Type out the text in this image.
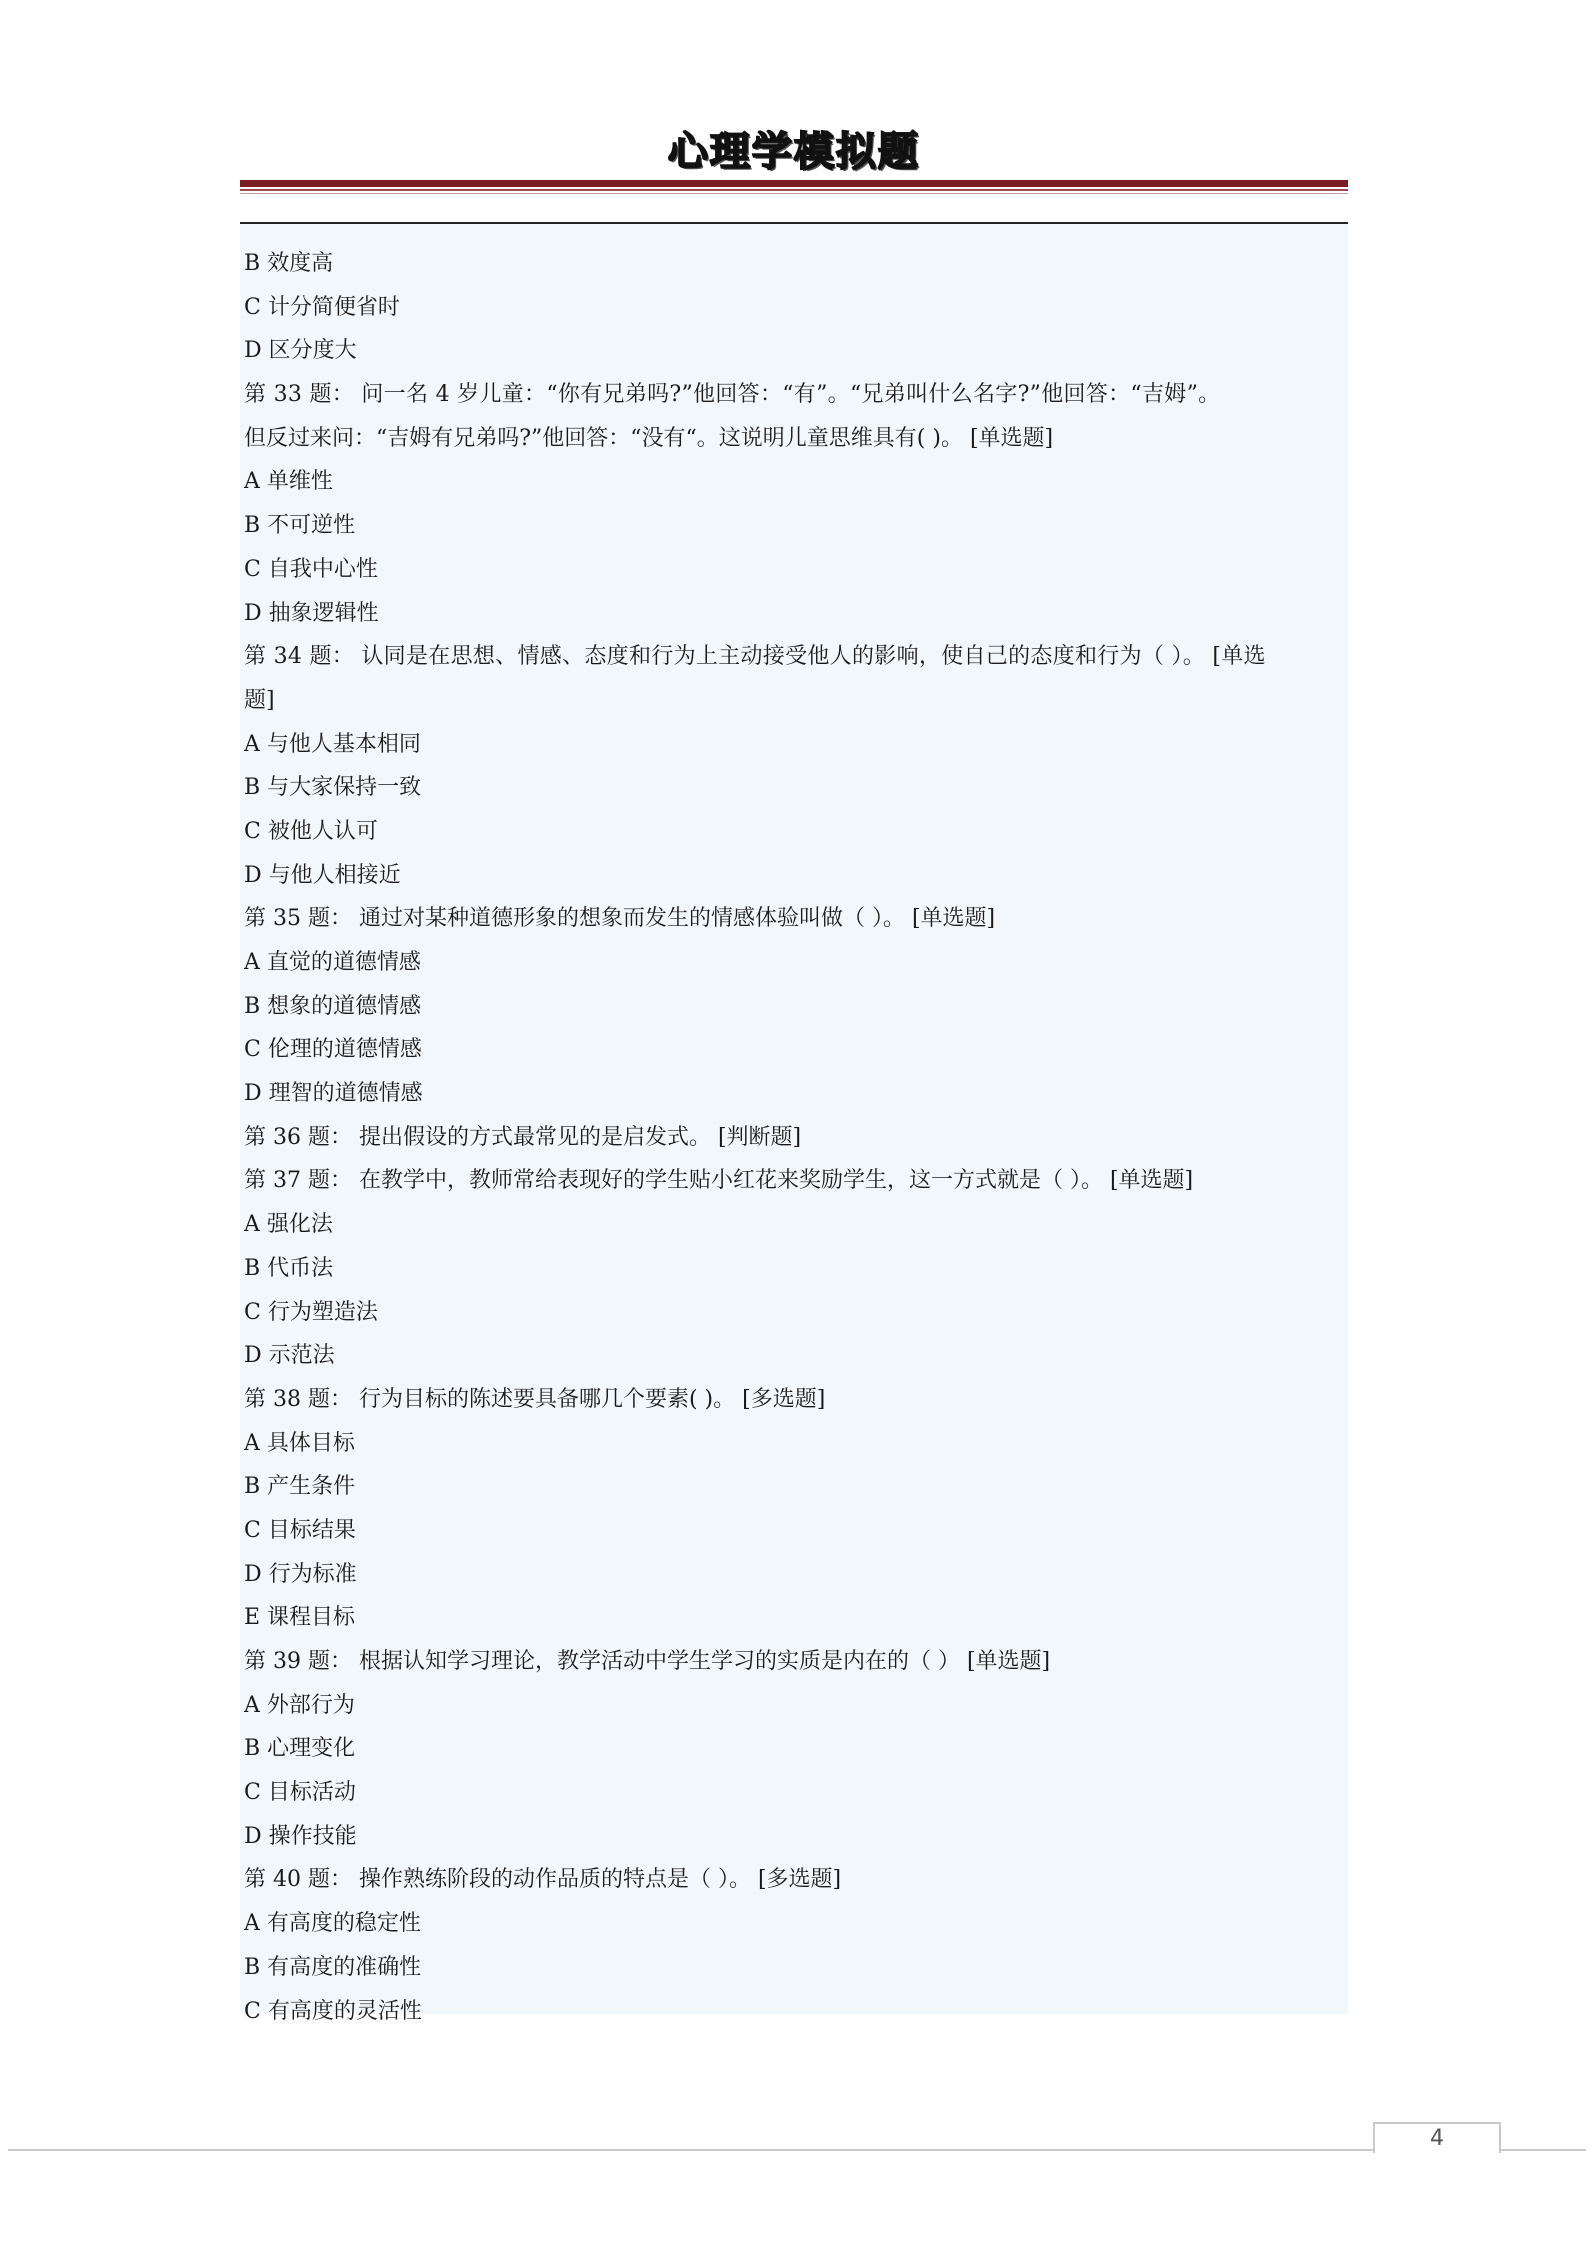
心理学模拟题
B 效度高
C 计分简便省时
D 区分度大
第 33 题： 问一名 4 岁儿童：“你有兄弟吗?”他回答：“有”。“兄弟叫什么名字?”他回答：“吉姆”。
但反过来问：“吉姆有兄弟吗?”他回答：“没有“。这说明儿童思维具有( )。 [单选题]
A 单维性
B 不可逆性
C 自我中心性
D 抽象逻辑性
第 34 题： 认同是在思想、情感、态度和行为上主动接受他人的影响，使自己的态度和行为（ ）。 [单选
题]
A 与他人基本相同
B 与大家保持一致
C 被他人认可
D 与他人相接近
第 35 题： 通过对某种道德形象的想象而发生的情感体验叫做（ ）。 [单选题]
A 直觉的道德情感
B 想象的道德情感
C 伦理的道德情感
D 理智的道德情感
第 36 题： 提出假设的方式最常见的是启发式。 [判断题]
第 37 题： 在教学中，教师常给表现好的学生贴小红花来奖励学生，这一方式就是（ ）。 [单选题]
A 强化法
B 代币法
C 行为塑造法
D 示范法
第 38 题： 行为目标的陈述要具备哪几个要素( )。 [多选题]
A 具体目标
B 产生条件
C 目标结果
D 行为标准
E 课程目标
第 39 题： 根据认知学习理论，教学活动中学生学习的实质是内在的（ ） [单选题]
A 外部行为
B 心理变化
C 目标活动
D 操作技能
第 40 题： 操作熟练阶段的动作品质的特点是（ ）。 [多选题]
A 有高度的稳定性
B 有高度的准确性
C 有高度的灵活性
4
